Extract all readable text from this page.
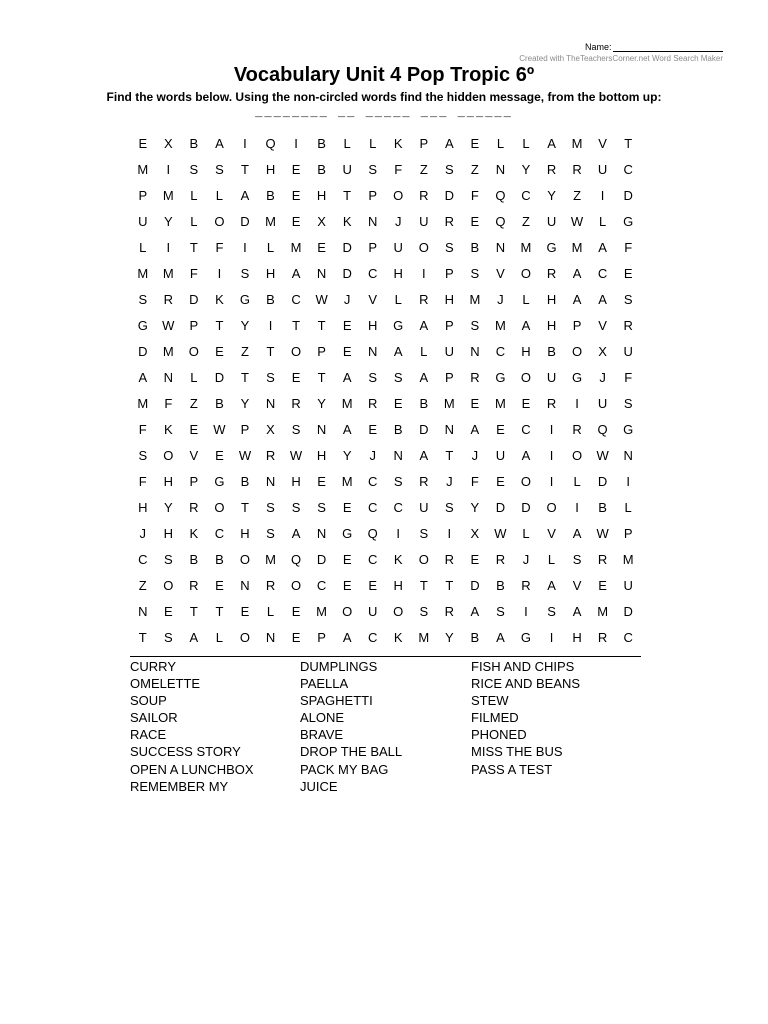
Name:
Created with TheTeachersCorner.net Word Search Maker
Vocabulary Unit 4 Pop Tropic 6º
Find the words below. Using the non-circled words find the hidden message, from the bottom up:
________ __ _____ ___ ______
E	X	B	A	I	Q	I	B	L	L	K	P	A	E	L	L	A	M	V	T
M	I	S	S	T	H	E	B	U	S	F	Z	S	Z	N	Y	R	R	U	C
P	M	L	L	A	B	E	H	T	P	O	R	D	F	Q	C	Y	Z	I	D
U	Y	L	O	D	M	E	X	K	N	J	U	R	E	Q	Z	U	W	L	G
L	I	T	F	I	L	M	E	D	P	U	O	S	B	N	M	G	M	A	F
M	M	F	I	S	H	A	N	D	C	H	I	P	S	V	O	R	A	C	E
S	R	D	K	G	B	C	W	J	V	L	R	H	M	J	L	H	A	A	S
G	W	P	T	Y	I	T	T	E	H	G	A	P	S	M	A	H	P	V	R
D	M	O	E	Z	T	O	P	E	N	A	L	U	N	C	H	B	O	X	U
A	N	L	D	T	S	E	T	A	S	S	A	P	R	G	O	U	G	J	F
M	F	Z	B	Y	N	R	Y	M	R	E	B	M	E	M	E	R	I	U	S
F	K	E	W	P	X	S	N	A	E	B	D	N	A	E	C	I	R	Q	G
S	O	V	E	W	R	W	H	Y	J	N	A	T	J	U	A	I	O	W	N
F	H	P	G	B	N	H	E	M	C	S	R	J	F	E	O	I	L	D	I
H	Y	R	O	T	S	S	S	E	C	C	U	S	Y	D	D	O	I	B	L
J	H	K	C	H	S	A	N	G	Q	I	S	I	X	W	L	V	A	W	P
C	S	B	B	O	M	Q	D	E	C	K	O	R	E	R	J	L	S	R	M
Z	O	R	E	N	R	O	C	E	E	H	T	T	D	B	R	A	V	E	U
N	E	T	T	E	L	E	M	O	U	O	S	R	A	S	I	S	A	M	D
T	S	A	L	O	N	E	P	A	C	K	M	Y	B	A	G	I	H	R	C
CURRY
OMELETTE
SOUP
SAILOR
RACE
SUCCESS STORY
OPEN A LUNCHBOX
REMEMBER MY
DUMPLINGS
PAELLA
SPAGHETTI
ALONE
BRAVE
DROP THE BALL
PACK MY BAG
JUICE
FISH AND CHIPS
RICE AND BEANS
STEW
FILMED
PHONED
MISS THE BUS
PASS A TEST
